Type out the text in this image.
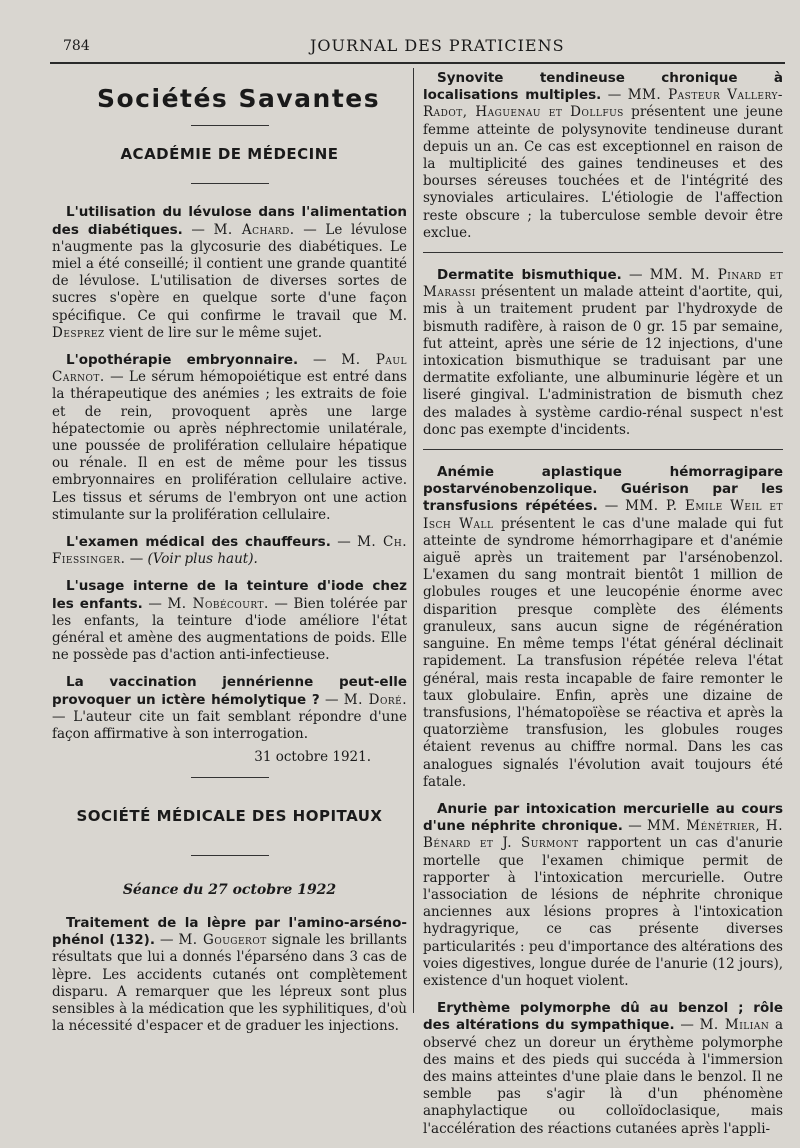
784	JOURNAL DES PRATICIENS
Sociétés Savantes
ACADÉMIE DE MÉDECINE

L'utilisation du lévulose dans l'alimentation des diabétiques. — M. Achard. — Le lévulose n'augmente pas la glycosurie des diabétiques. Le miel a été conseillé; il contient une grande quantité de lévulose. L'utilisation de diverses sortes de sucres s'opère en quelque sorte d'une façon spécifique. Ce qui confirme le travail que M. Desprez vient de lire sur le même sujet.

L'opothérapie embryonnaire. — M. Paul Carnot. — Le sérum hémopoiétique est entré dans la thérapeutique des anémies ; les extraits de foie et de rein, provoquent après une large hépatectomie ou après néphrectomie unilatérale, une poussée de prolifération cellulaire hépatique ou rénale. Il en est de même pour les tissus embryonnaires en prolifération cellulaire active. Les tissus et sérums de l'embryon ont une action stimulante sur la prolifération cellulaire.

L'examen médical des chauffeurs. — M. Ch. Fiessinger. — (Voir plus haut).

L'usage interne de la teinture d'iode chez les enfants. — M. Nobécourt. — Bien tolérée par les enfants, la teinture d'iode améliore l'état général et amène des augmentations de poids. Elle ne possède pas d'action anti-infectieuse.

La vaccination jennérienne peut-elle provoquer un ictère hémolytique ? — M. Doré. — L'auteur cite un fait semblant répondre d'une façon affirmative à son interrogation.

31 octobre 1921.
SOCIÉTÉ MÉDICALE DES HOPITAUX
Séance du 27 octobre 1922

Traitement de la lèpre par l'amino-arséno-phénol (132). — M. Gougerot signale les brillants résultats que lui a donnés l'éparséno dans 3 cas de lèpre. Les accidents cutanés ont complètement disparu. A remarquer que les lépreux sont plus sensibles à la médication que les syphilitiques, d'où la nécessité d'espacer et de graduer les injections.

Synovite tendineuse chronique à localisations multiples. — MM. Pasteur Vallery-Radot, Haguenau et Dollfus présentent une jeune femme atteinte de polysynovite tendineuse durant depuis un an. Ce cas est exceptionnel en raison de la multiplicité des gaines tendineuses et des bourses séreuses touchées et de l'intégrité des synoviales articulaires. L'étiologie de l'affection reste obscure ; la tuberculose semble devoir être exclue.

Dermatite bismuthique. — MM. M. Pinard et Marassi présentent un malade atteint d'aortite, qui, mis à un traitement prudent par l'hydroxyde de bismuth radifère, à raison de 0 gr. 15 par semaine, fut atteint, après une série de 12 injections, d'une intoxication bismuthique se traduisant par une dermatite exfoliante, une albuminurie légère et un liseré gingival. L'administration de bismuth chez des malades à système cardio-rénal suspect n'est donc pas exempte d'incidents.

Anémie aplastique hémorragipare postarvénobenzolique. Guérison par les transfusions répétées. — MM. P. Emile Weil et Isch Wall présentent le cas d'une malade qui fut atteinte de syndrome hémorrhagipare et d'anémie aiguë après un traitement par l'arsénobenzol. L'examen du sang montrait bientôt 1 million de globules rouges et une leucopénie énorme avec disparition presque complète des éléments granuleux, sans aucun signe de régénération sanguine. En même temps l'état général déclinait rapidement. La transfusion répétée releva l'état général, mais resta incapable de faire remonter le taux globulaire. Enfin, après une dizaine de transfusions, l'hématopoïèse se réactiva et après la quatorzième transfusion, les globules rouges étaient revenus au chiffre normal. Dans les cas analogues signalés l'évolution avait toujours été fatale.

Anurie par intoxication mercurielle au cours d'une néphrite chronique. — MM. Ménétrier, H. Bénard et J. Surmont rapportent un cas d'anurie mortelle que l'examen chimique permit de rapporter à l'intoxication mercurielle. Outre l'association de lésions de néphrite chronique anciennes aux lésions propres à l'intoxication hydragyrique, ce cas présente diverses particularités : peu d'importance des altérations des voies digestives, longue durée de l'anurie (12 jours), existence d'un hoquet violent.

Erythème polymorphe dû au benzol ; rôle des altérations du sympathique. — M. Milian a observé chez un doreur un érythème polymorphe des mains et des pieds qui succéda à l'immersion des mains atteintes d'une plaie dans le benzol. Il ne semble pas s'agir là d'un phénomène anaphylactique ou colloïdoclasique, mais l'accélération des réactions cutanées après l'appli-
